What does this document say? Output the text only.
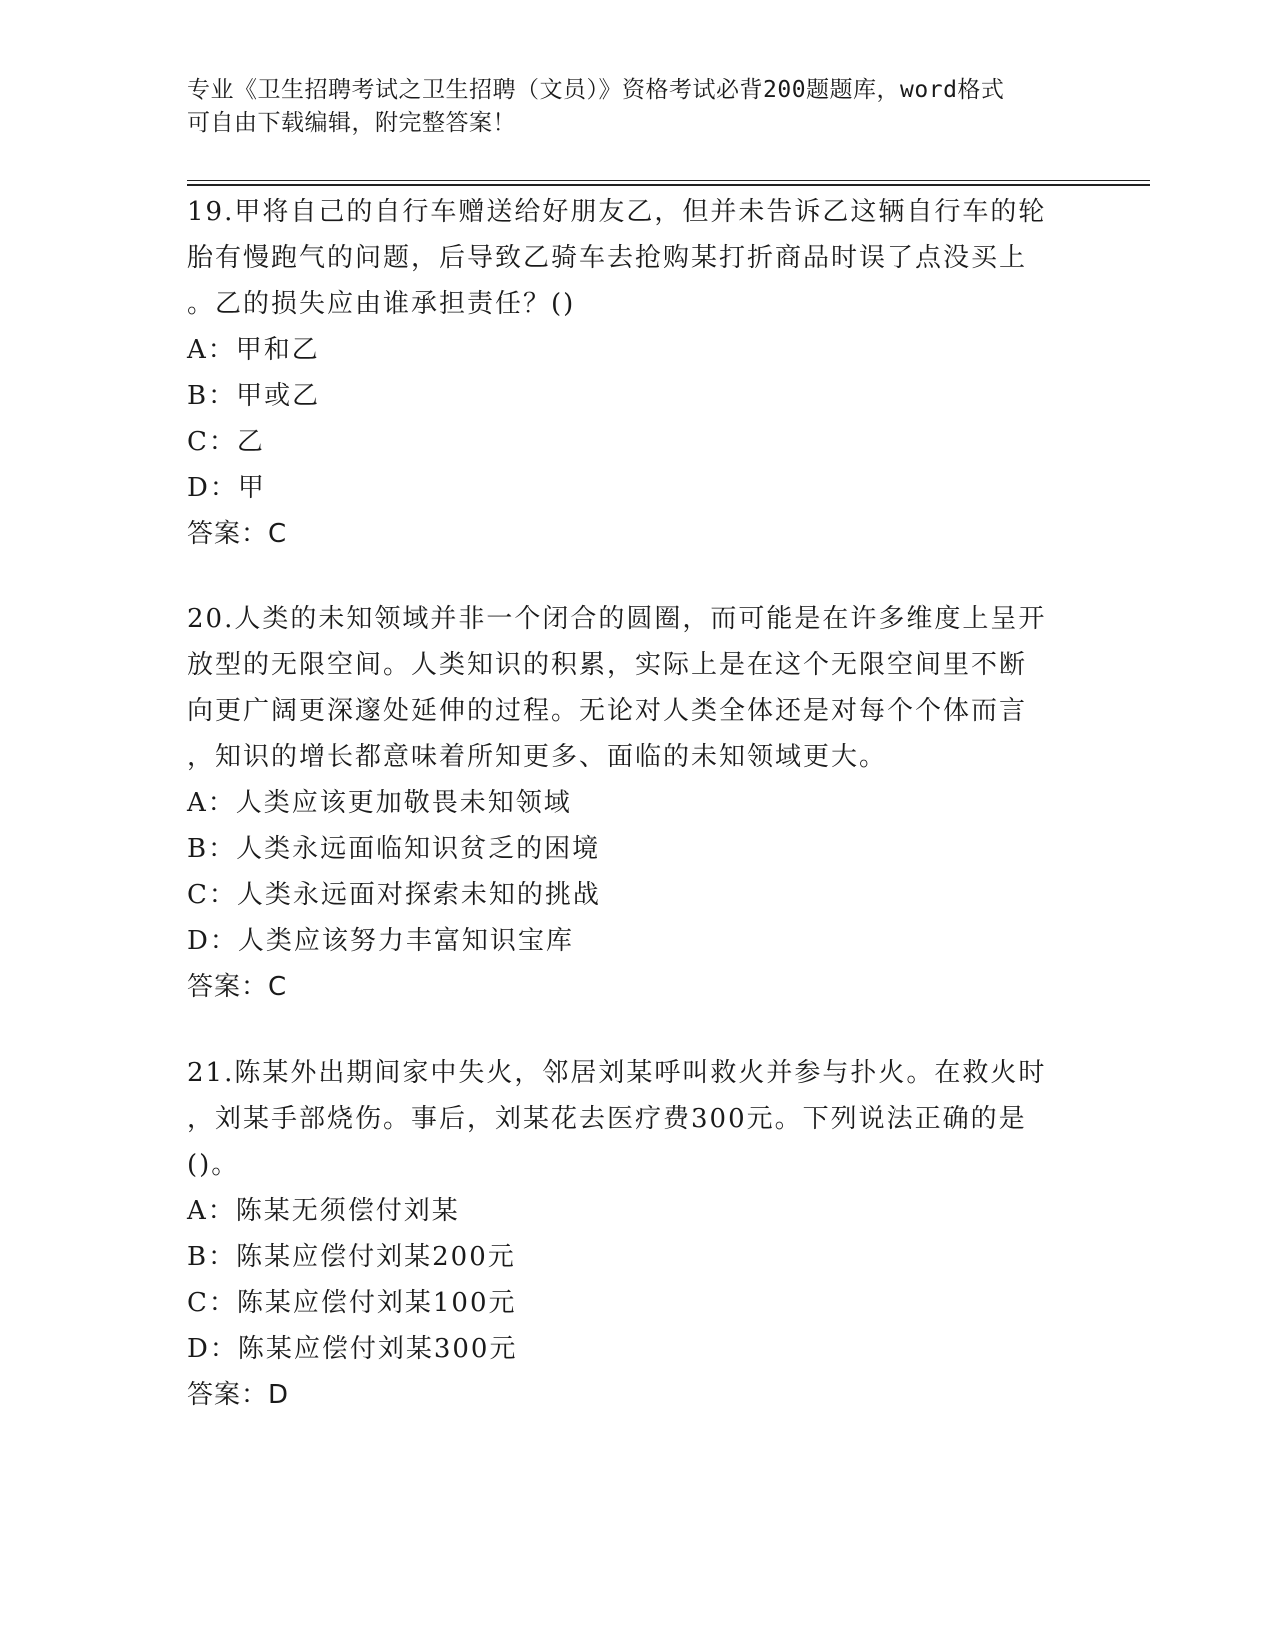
专业《卫生招聘考试之卫生招聘（文员）》资格考试必背200题题库，word格式
可自由下载编辑，附完整答案！
19.甲将自己的自行车赠送给好朋友乙，但并未告诉乙这辆自行车的轮
胎有慢跑气的问题，后导致乙骑车去抢购某打折商品时误了点没买上
。乙的损失应由谁承担责任？()
A：甲和乙
B：甲或乙
C：乙
D：甲
答案：C
20.人类的未知领域并非一个闭合的圆圈，而可能是在许多维度上呈开
放型的无限空间。人类知识的积累，实际上是在这个无限空间里不断
向更广阔更深邃处延伸的过程。无论对人类全体还是对每个个体而言
，知识的增长都意味着所知更多、面临的未知领域更大。
A：人类应该更加敬畏未知领域
B：人类永远面临知识贫乏的困境
C：人类永远面对探索未知的挑战
D：人类应该努力丰富知识宝库
答案：C
21.陈某外出期间家中失火，邻居刘某呼叫救火并参与扑火。在救火时
，刘某手部烧伤。事后，刘某花去医疗费300元。下列说法正确的是
()。
A：陈某无须偿付刘某
B：陈某应偿付刘某200元
C：陈某应偿付刘某100元
D：陈某应偿付刘某300元
答案：D
